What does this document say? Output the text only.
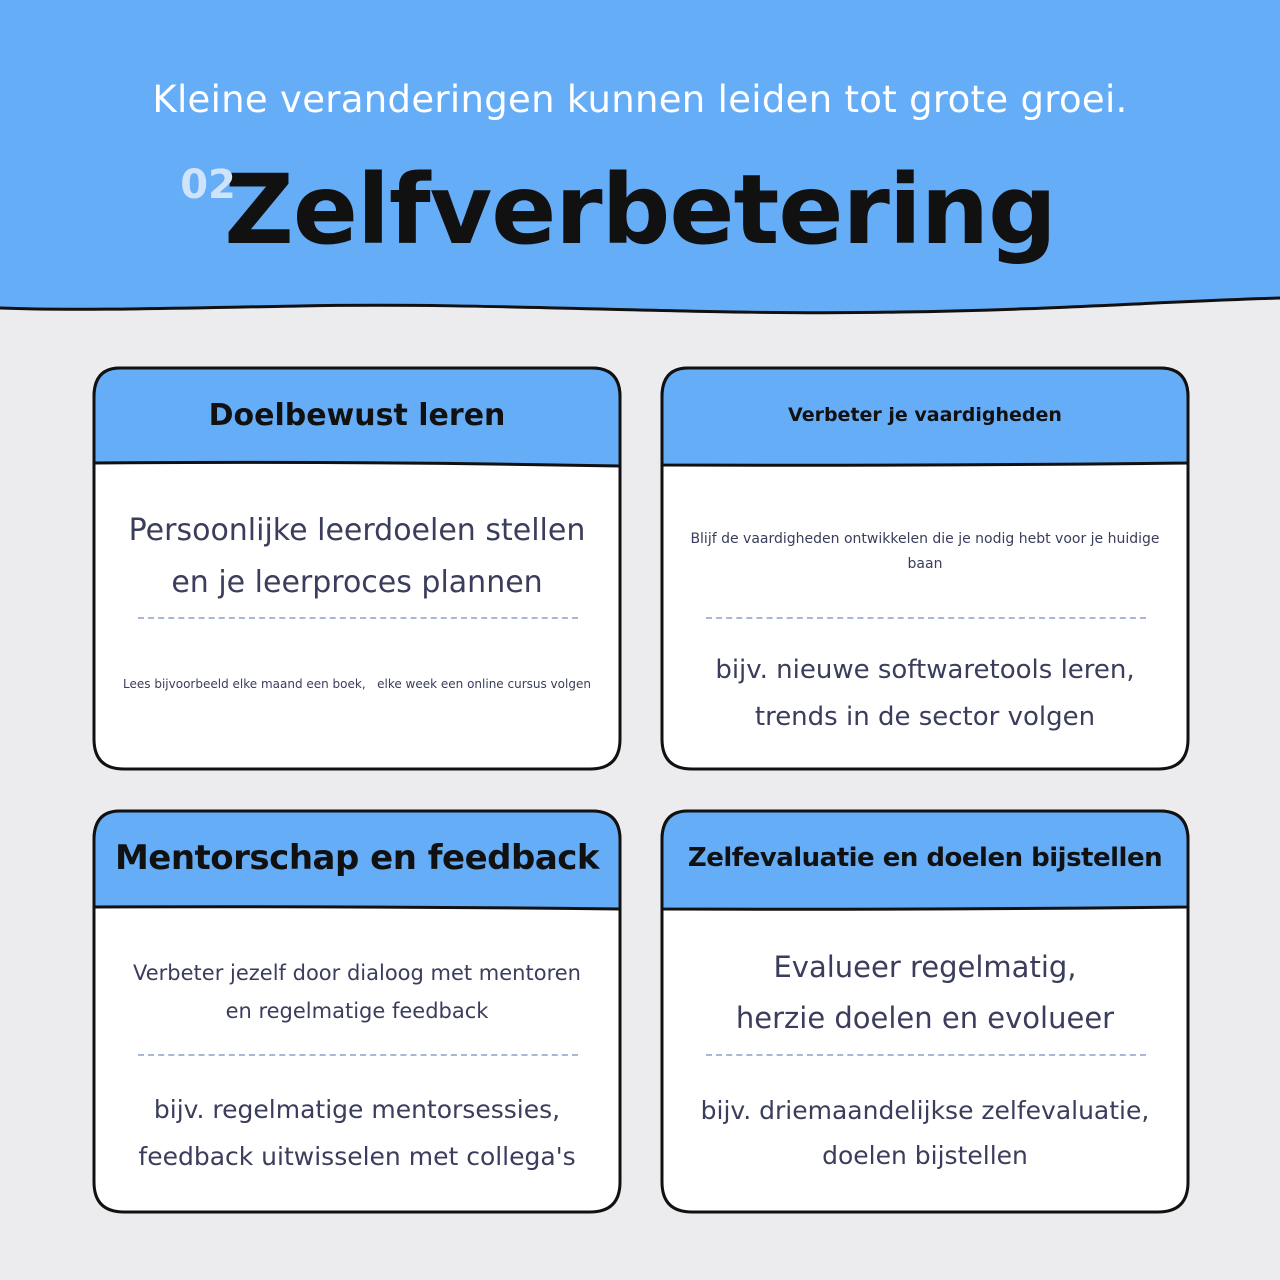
Kleine veranderingen kunnen leiden tot grote groei.
02
Zelfverbetering
Doelbewust leren
Persoonlijke leerdoelen stellen en je leerproces plannen
Lees bijvoorbeeld elke maand een boek,   elke week een online cursus volgen
Verbeter je vaardigheden
Blijf de vaardigheden ontwikkelen die je nodig hebt voor je huidige baan
bijv. nieuwe softwaretools leren, trends in de sector volgen
Mentorschap en feedback
Verbeter jezelf door dialoog met mentoren en regelmatige feedback
bijv. regelmatige mentorsessies, feedback uitwisselen met collega's
Zelfevaluatie en doelen bijstellen
Evalueer regelmatig, herzie doelen en evolueer
bijv. driemaandelijkse zelfevaluatie, doelen bijstellen
